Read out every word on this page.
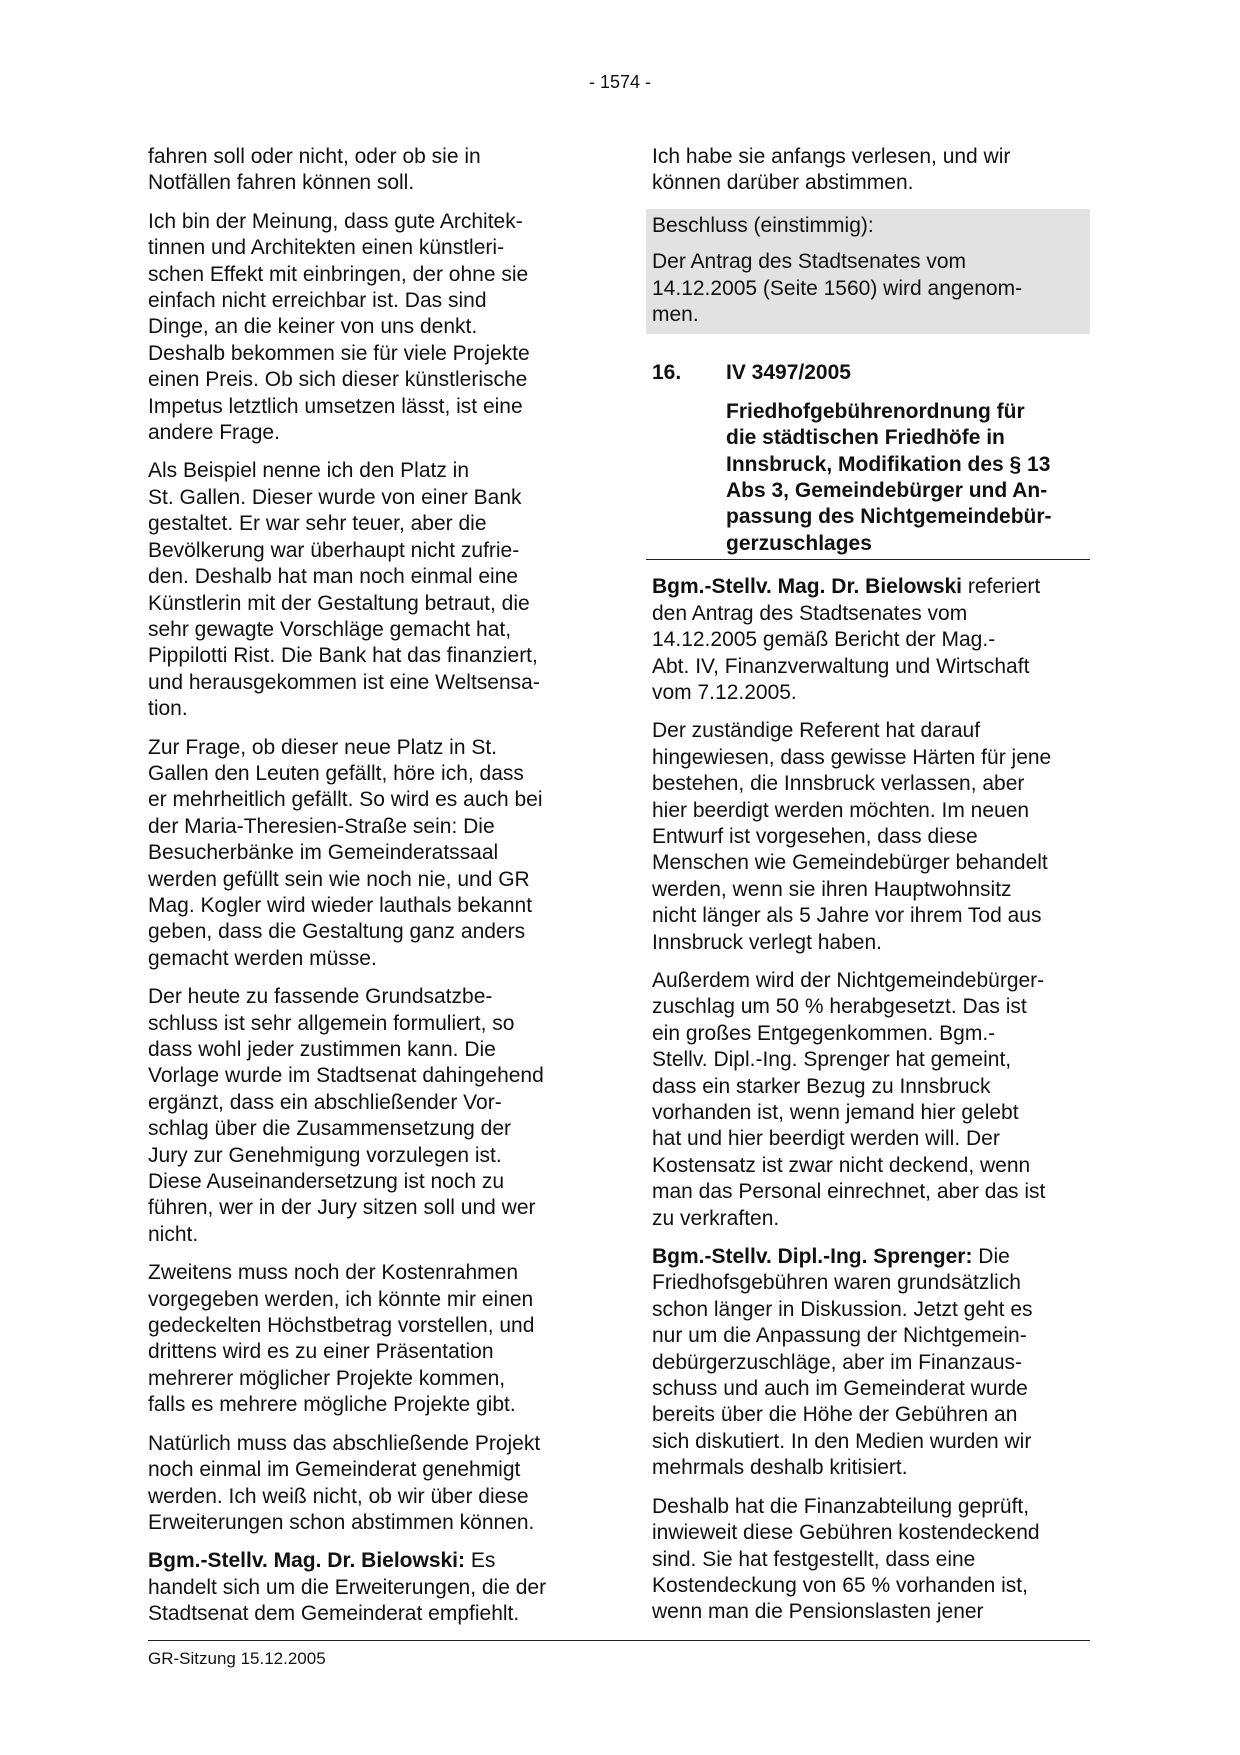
- 1574 -

fahren soll oder nicht, oder ob sie in
Notfällen fahren können soll.

Ich bin der Meinung, dass gute Architek-
tinnen und Architekten einen künstleri-
schen Effekt mit einbringen, der ohne sie
einfach nicht erreichbar ist. Das sind
Dinge, an die keiner von uns denkt.
Deshalb bekommen sie für viele Projekte
einen Preis. Ob sich dieser künstlerische
Impetus letztlich umsetzen lässt, ist eine
andere Frage.

Als Beispiel nenne ich den Platz in
St. Gallen. Dieser wurde von einer Bank
gestaltet. Er war sehr teuer, aber die
Bevölkerung war überhaupt nicht zufrie-
den. Deshalb hat man noch einmal eine
Künstlerin mit der Gestaltung betraut, die
sehr gewagte Vorschläge gemacht hat,
Pippilotti Rist. Die Bank hat das finanziert,
und herausgekommen ist eine Weltsensa-
tion.

Zur Frage, ob dieser neue Platz in St.
Gallen den Leuten gefällt, höre ich, dass
er mehrheitlich gefällt. So wird es auch bei
der Maria-Theresien-Straße sein: Die
Besucherbänke im Gemeinderatssaal
werden gefüllt sein wie noch nie, und GR
Mag. Kogler wird wieder lauthals bekannt
geben, dass die Gestaltung ganz anders
gemacht werden müsse.

Der heute zu fassende Grundsatzbe-
schluss ist sehr allgemein formuliert, so
dass wohl jeder zustimmen kann. Die
Vorlage wurde im Stadtsenat dahingehend
ergänzt, dass ein abschließender Vor-
schlag über die Zusammensetzung der
Jury zur Genehmigung vorzulegen ist.
Diese Auseinandersetzung ist noch zu
führen, wer in der Jury sitzen soll und wer
nicht.

Zweitens muss noch der Kostenrahmen
vorgegeben werden, ich könnte mir einen
gedeckelten Höchstbetrag vorstellen, und
drittens wird es zu einer Präsentation
mehrerer möglicher Projekte kommen,
falls es mehrere mögliche Projekte gibt.

Natürlich muss das abschließende Projekt
noch einmal im Gemeinderat genehmigt
werden. Ich weiß nicht, ob wir über diese
Erweiterungen schon abstimmen können.

Bgm.-Stellv. Mag. Dr. Bielowski: Es
handelt sich um die Erweiterungen, die der
Stadtsenat dem Gemeinderat empfiehlt.

Ich habe sie anfangs verlesen, und wir
können darüber abstimmen.

Beschluss (einstimmig):

Der Antrag des Stadtsenates vom
14.12.2005 (Seite 1560) wird angenom-
men.

16.	IV 3497/2005
Friedhofgebührenordnung für
die städtischen Friedhöfe in
Innsbruck, Modifikation des § 13
Abs 3, Gemeindebürger und An-
passung des Nichtgemeindebür-
gerzuschlages

Bgm.-Stellv. Mag. Dr. Bielowski referiert
den Antrag des Stadtsenates vom
14.12.2005 gemäß Bericht der Mag.-
Abt. IV, Finanzverwaltung und Wirtschaft
vom 7.12.2005.

Der zuständige Referent hat darauf
hingewiesen, dass gewisse Härten für jene
bestehen, die Innsbruck verlassen, aber
hier beerdigt werden möchten. Im neuen
Entwurf ist vorgesehen, dass diese
Menschen wie Gemeindebürger behandelt
werden, wenn sie ihren Hauptwohnsitz
nicht länger als 5 Jahre vor ihrem Tod aus
Innsbruck verlegt haben.

Außerdem wird der Nichtgemeindebürger-
zuschlag um 50 % herabgesetzt. Das ist
ein großes Entgegenkommen. Bgm.-
Stellv. Dipl.-Ing. Sprenger hat gemeint,
dass ein starker Bezug zu Innsbruck
vorhanden ist, wenn jemand hier gelebt
hat und hier beerdigt werden will. Der
Kostensatz ist zwar nicht deckend, wenn
man das Personal einrechnet, aber das ist
zu verkraften.

Bgm.-Stellv. Dipl.-Ing. Sprenger: Die
Friedhofsgebühren waren grundsätzlich
schon länger in Diskussion. Jetzt geht es
nur um die Anpassung der Nichtgemein-
debürgerzuschläge, aber im Finanzaus-
schuss und auch im Gemeinderat wurde
bereits über die Höhe der Gebühren an
sich diskutiert. In den Medien wurden wir
mehrmals deshalb kritisiert.

Deshalb hat die Finanzabteilung geprüft,
inwieweit diese Gebühren kostendeckend
sind. Sie hat festgestellt, dass eine
Kostendeckung von 65 % vorhanden ist,
wenn man die Pensionslasten jener

GR-Sitzung 15.12.2005
